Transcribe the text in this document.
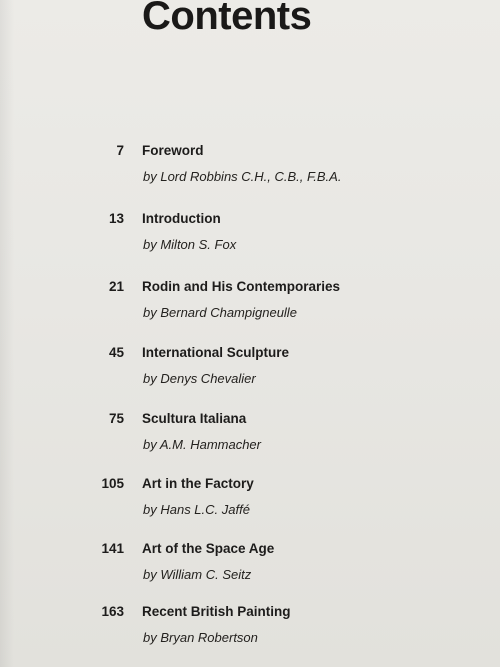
Contents
7 Foreword
by Lord Robbins C.H., C.B., F.B.A.
13 Introduction
by Milton S. Fox
21 Rodin and His Contemporaries
by Bernard Champigneulle
45 International Sculpture
by Denys Chevalier
75 Scultura Italiana
by A.M. Hammacher
105 Art in the Factory
by Hans L.C. Jaffé
141 Art of the Space Age
by William C. Seitz
163 Recent British Painting
by Bryan Robertson
